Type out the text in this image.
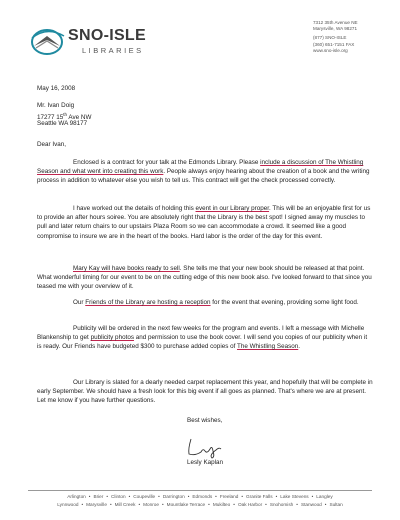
SNO-ISLE
LIBRARIES
7312 35th Avenue NE
Marysville, WA 98271
(877) SNO-ISLE
(360) 651-7151 FAX
www.sno-isle.org
May 16, 2008
Mr. Ivan Doig
17277 15th Ave NW
Seattle WA 98177
Dear Ivan,
Enclosed is a contract for your talk at the Edmonds Library. Please include a discussion of The Whistling Season and what went into creating this work. People always enjoy hearing about the creation of a book and the writing process in addition to whatever else you wish to tell us. This contract will get the check processed correctly.
I have worked out the details of holding this event in our Library proper. This will be an enjoyable first for us to provide an after hours soiree. You are absolutely right that the Library is the best spot! I signed away my muscles to pull and later return chairs to our upstairs Plaza Room so we can accommodate a crowd. It seemed like a good compromise to insure we are in the heart of the books. Hard labor is the order of the day for this event.
Mary Kay will have books ready to sell. She tells me that your new book should be released at that point. What wonderful timing for our event to be on the cutting edge of this new book also. I've looked forward to that since you teased me with your overview of it.
Our Friends of the Library are hosting a reception for the event that evening, providing some light food.
Publicity will be ordered in the next few weeks for the program and events. I left a message with Michelle Blankenship to get publicity photos and permission to use the book cover. I will send you copies of our publicity when it is ready. Our Friends have budgeted $300 to purchase added copies of The Whistling Season.
Our Library is slated for a dearly needed carpet replacement this year, and hopefully that will be complete in early September. We should have a fresh look for this big event if all goes as planned. That's where we are at present. Let me know if you have further questions.
Best wishes,
Lesly Kaplan
Arlington • Brier • Clinton • Coupeville • Darrington • Edmonds • Freeland • Granite Falls • Lake Stevens • Langley
Lynnwood • Marysville • Mill Creek • Monroe • Mountlake Terrace • Mukilteo • Oak Harbor • Snohomish • Stanwood • Sultan
